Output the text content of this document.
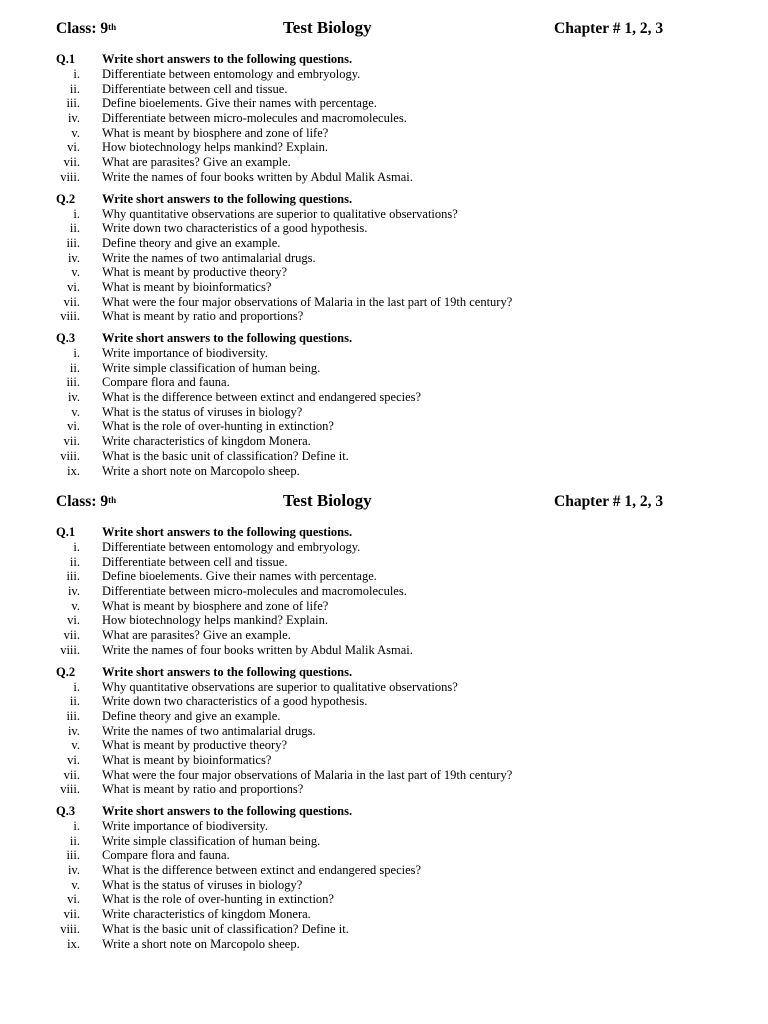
Class: 9th	Test Biology	Chapter # 1, 2, 3
Q.1 Write short answers to the following questions.
i. Differentiate between entomology and embryology.
ii. Differentiate between cell and tissue.
iii. Define bioelements. Give their names with percentage.
iv. Differentiate between micro-molecules and macromolecules.
v. What is meant by biosphere and zone of life?
vi. How biotechnology helps mankind? Explain.
vii. What are parasites? Give an example.
viii. Write the names of four books written by Abdul Malik Asmai.
Q.2 Write short answers to the following questions.
i. Why quantitative observations are superior to qualitative observations?
ii. Write down two characteristics of a good hypothesis.
iii. Define theory and give an example.
iv. Write the names of two antimalarial drugs.
v. What is meant by productive theory?
vi. What is meant by bioinformatics?
vii. What were the four major observations of Malaria in the last part of 19th century?
viii. What is meant by ratio and proportions?
Q.3 Write short answers to the following questions.
i. Write importance of biodiversity.
ii. Write simple classification of human being.
iii. Compare flora and fauna.
iv. What is the difference between extinct and endangered species?
v. What is the status of viruses in biology?
vi. What is the role of over-hunting in extinction?
vii. Write characteristics of kingdom Monera.
viii. What is the basic unit of classification? Define it.
ix. Write a short note on Marcopolo sheep.
Class: 9th	Test Biology	Chapter # 1, 2, 3
Q.1 Write short answers to the following questions.
i. Differentiate between entomology and embryology.
ii. Differentiate between cell and tissue.
iii. Define bioelements. Give their names with percentage.
iv. Differentiate between micro-molecules and macromolecules.
v. What is meant by biosphere and zone of life?
vi. How biotechnology helps mankind? Explain.
vii. What are parasites? Give an example.
viii. Write the names of four books written by Abdul Malik Asmai.
Q.2 Write short answers to the following questions.
i. Why quantitative observations are superior to qualitative observations?
ii. Write down two characteristics of a good hypothesis.
iii. Define theory and give an example.
iv. Write the names of two antimalarial drugs.
v. What is meant by productive theory?
vi. What is meant by bioinformatics?
vii. What were the four major observations of Malaria in the last part of 19th century?
viii. What is meant by ratio and proportions?
Q.3 Write short answers to the following questions.
i. Write importance of biodiversity.
ii. Write simple classification of human being.
iii. Compare flora and fauna.
iv. What is the difference between extinct and endangered species?
v. What is the status of viruses in biology?
vi. What is the role of over-hunting in extinction?
vii. Write characteristics of kingdom Monera.
viii. What is the basic unit of classification? Define it.
ix. Write a short note on Marcopolo sheep.
